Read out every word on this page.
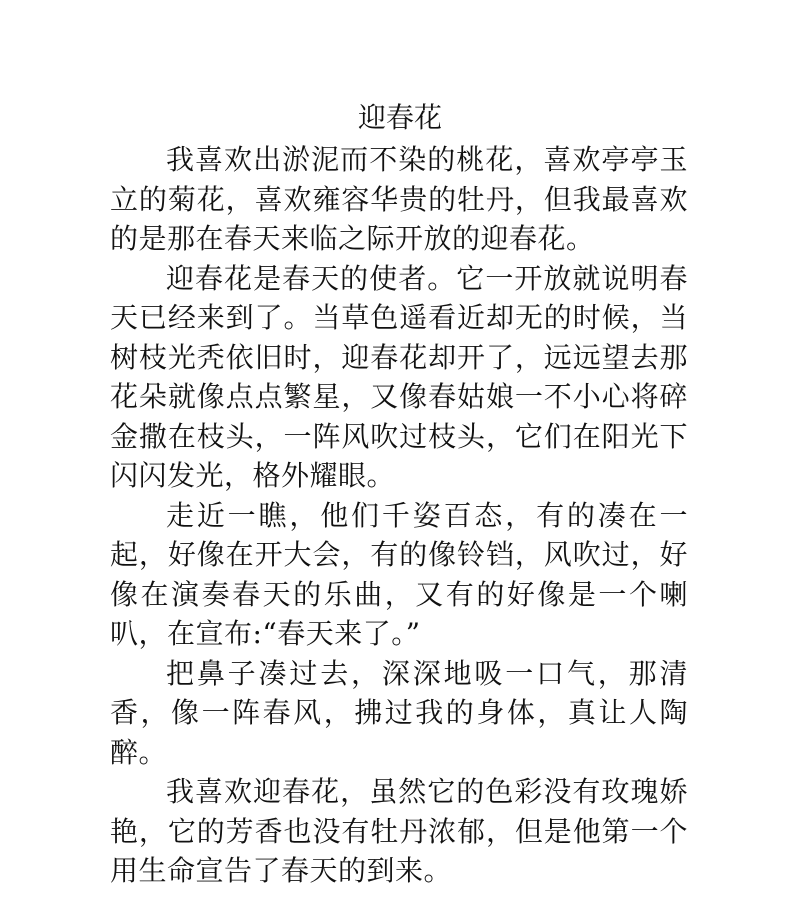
迎春花

我喜欢出淤泥而不染的桃花，喜欢亭亭玉立的菊花，喜欢雍容华贵的牡丹，但我最喜欢的是那在春天来临之际开放的迎春花。

迎春花是春天的使者。它一开放就说明春天已经来到了。当草色遥看近却无的时候，当树枝光秃依旧时，迎春花却开了，远远望去那花朵就像点点繁星，又像春姑娘一不小心将碎金撒在枝头，一阵风吹过枝头，它们在阳光下闪闪发光，格外耀眼。

走近一瞧，他们千姿百态，有的凑在一起，好像在开大会，有的像铃铛，风吹过，好像在演奏春天的乐曲，又有的好像是一个喇叭，在宣布:“春天来了。”

把鼻子凑过去，深深地吸一口气，那清香，像一阵春风，拂过我的身体，真让人陶醉。

我喜欢迎春花，虽然它的色彩没有玫瑰娇艳，它的芳香也没有牡丹浓郁，但是他第一个用生命宣告了春天的到来。
